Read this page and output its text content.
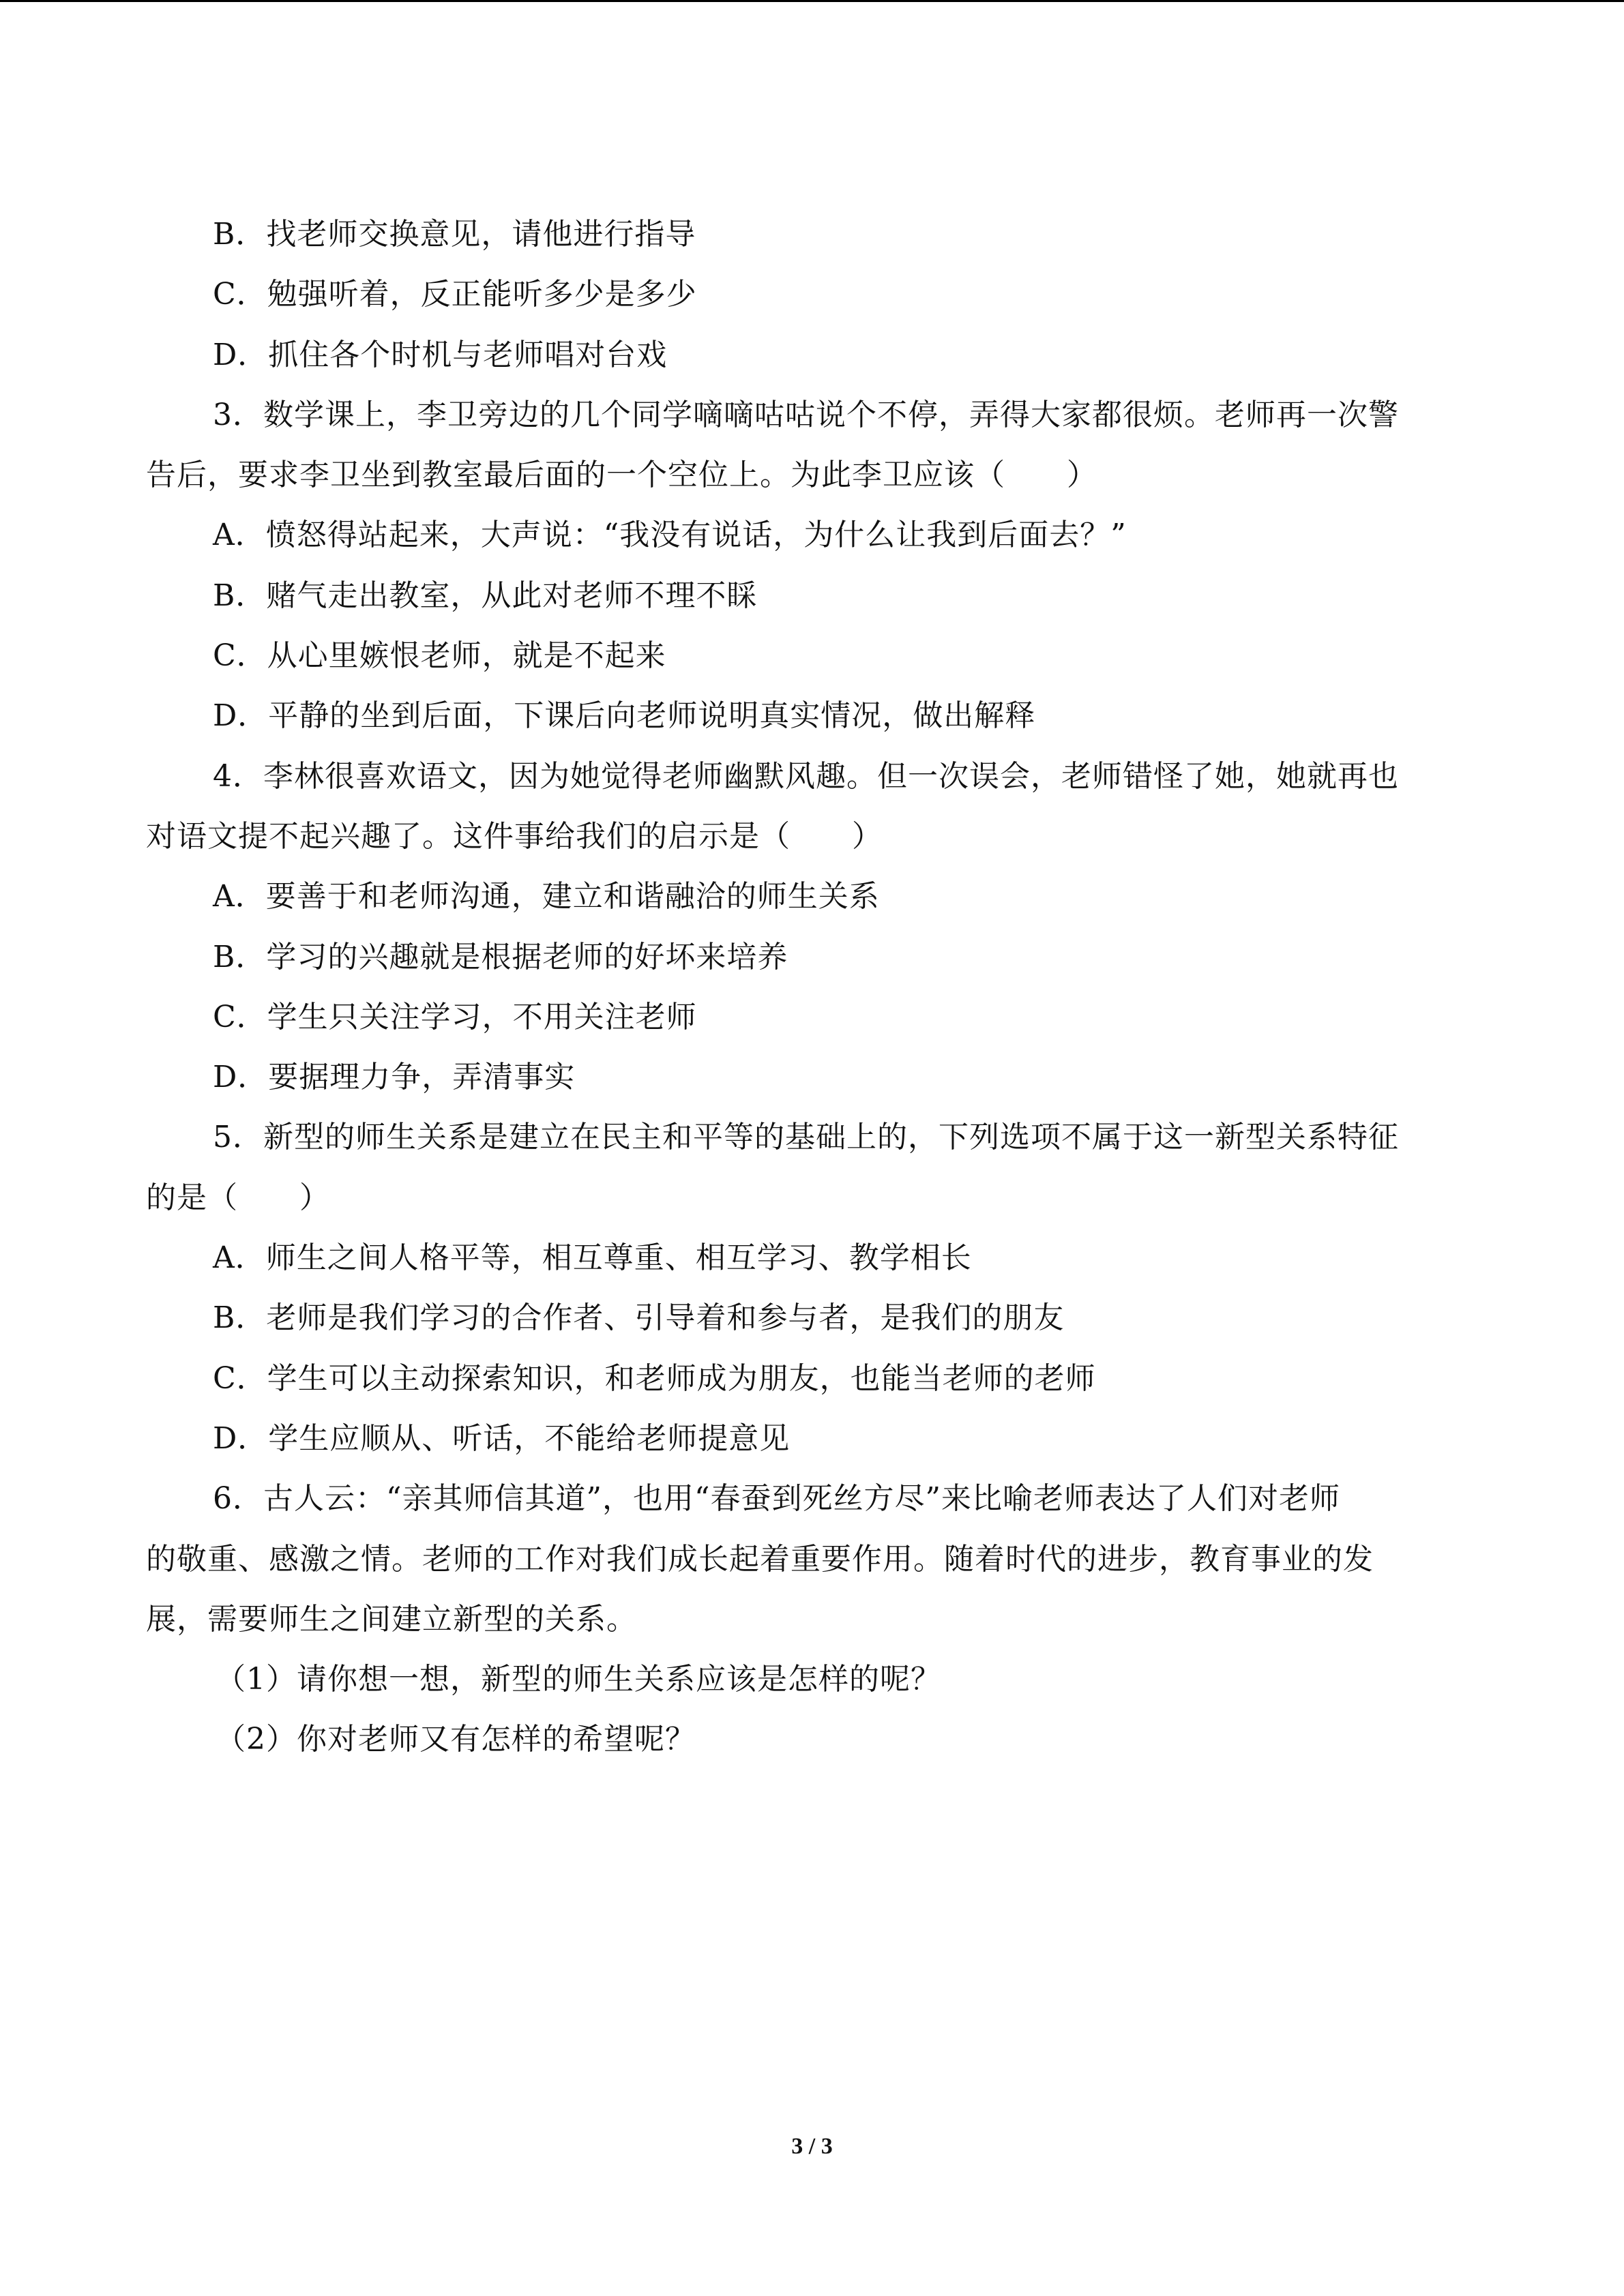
B．找老师交换意见，请他进行指导
C．勉强听着，反正能听多少是多少
D．抓住各个时机与老师唱对台戏
3．数学课上，李卫旁边的几个同学嘀嘀咕咕说个不停，弄得大家都很烦。老师再一次警
告后，要求李卫坐到教室最后面的一个空位上。为此李卫应该（　　）
A．愤怒得站起来，大声说：“我没有说话，为什么让我到后面去？”
B．赌气走出教室，从此对老师不理不睬
C．从心里嫉恨老师，就是不起来
D．平静的坐到后面，下课后向老师说明真实情况，做出解释
4．李林很喜欢语文，因为她觉得老师幽默风趣。但一次误会，老师错怪了她，她就再也
对语文提不起兴趣了。这件事给我们的启示是（　　）
A．要善于和老师沟通，建立和谐融洽的师生关系
B．学习的兴趣就是根据老师的好坏来培养
C．学生只关注学习，不用关注老师
D．要据理力争，弄清事实
5．新型的师生关系是建立在民主和平等的基础上的，下列选项不属于这一新型关系特征
的是（　　）
A．师生之间人格平等，相互尊重、相互学习、教学相长
B．老师是我们学习的合作者、引导着和参与者，是我们的朋友
C．学生可以主动探索知识，和老师成为朋友，也能当老师的老师
D．学生应顺从、听话，不能给老师提意见
6．古人云：“亲其师信其道”，也用“春蚕到死丝方尽”来比喻老师表达了人们对老师
的敬重、感激之情。老师的工作对我们成长起着重要作用。随着时代的进步，教育事业的发
展，需要师生之间建立新型的关系。
（1）请你想一想，新型的师生关系应该是怎样的呢？
（2）你对老师又有怎样的希望呢？
3 / 3
